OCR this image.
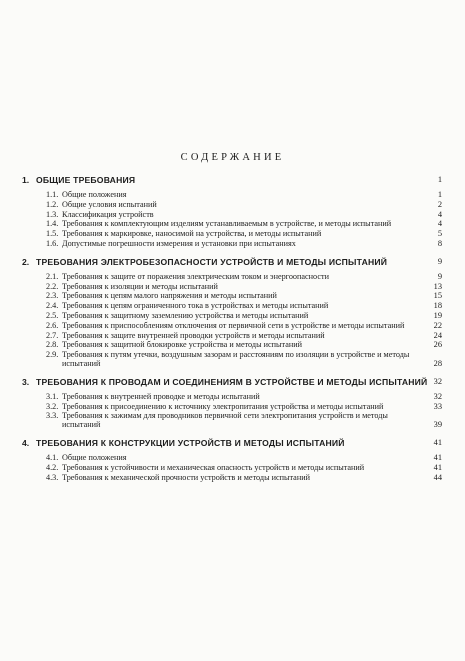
СОДЕРЖАНИЕ
1. ОБЩИЕ ТРЕБОВАНИЯ	1
1.1. Общие положения	1
1.2. Общие условия испытаний	2
1.3. Классификация устройств	4
1.4. Требования к комплектующим изделиям устанавливаемым в устройстве, и методы испытаний	4
1.5. Требования к маркировке, наносимой на устройства, и методы испытаний	5
1.6. Допустимые погрешности измерения и установки при испытаниях	8
2. ТРЕБОВАНИЯ ЭЛЕКТРОБЕЗОПАСНОСТИ УСТРОЙСТВ И МЕТОДЫ ИСПЫТАНИЙ	9
2.1. Требования к защите от поражения электрическим током и энергоопасности	9
2.2. Требования к изоляции и методы испытаний	13
2.3. Требования к цепям малого напряжения и методы испытаний	15
2.4. Требования к цепям ограниченного тока в устройствах и методы испытаний	18
2.5. Требования к защитному заземлению устройства и методы испытаний	19
2.6. Требования к приспособлениям отключения от первичной сети в устройстве и методы испытаний	22
2.7. Требования к защите внутренней проводки устройств и методы испытаний	24
2.8. Требования к защитной блокировке устройства и методы испытаний	26
2.9. Требования к путям утечки, воздушным зазорам и расстояниям по изоляции в устройстве и методы испытаний	28
3. ТРЕБОВАНИЯ К ПРОВОДАМ И СОЕДИНЕНИЯМ В УСТРОЙСТВЕ И МЕТОДЫ ИСПЫТАНИЙ 32
3.1. Требования к внутренней проводке и методы испытаний	32
3.2. Требования к присоединению к источнику электропитания устройства и методы испытаний	33
3.3. Требования к зажимам для проводников первичной сети электропитания устройств и методы испытаний	39
4. ТРЕБОВАНИЯ К КОНСТРУКЦИИ УСТРОЙСТВ И МЕТОДЫ ИСПЫТАНИЙ	41
4.1. Общие положения	41
4.2. Требования к устойчивости и механическая опасность устройств и методы испытаний	41
4.3. Требования к механической прочности устройств и методы испытаний	44
